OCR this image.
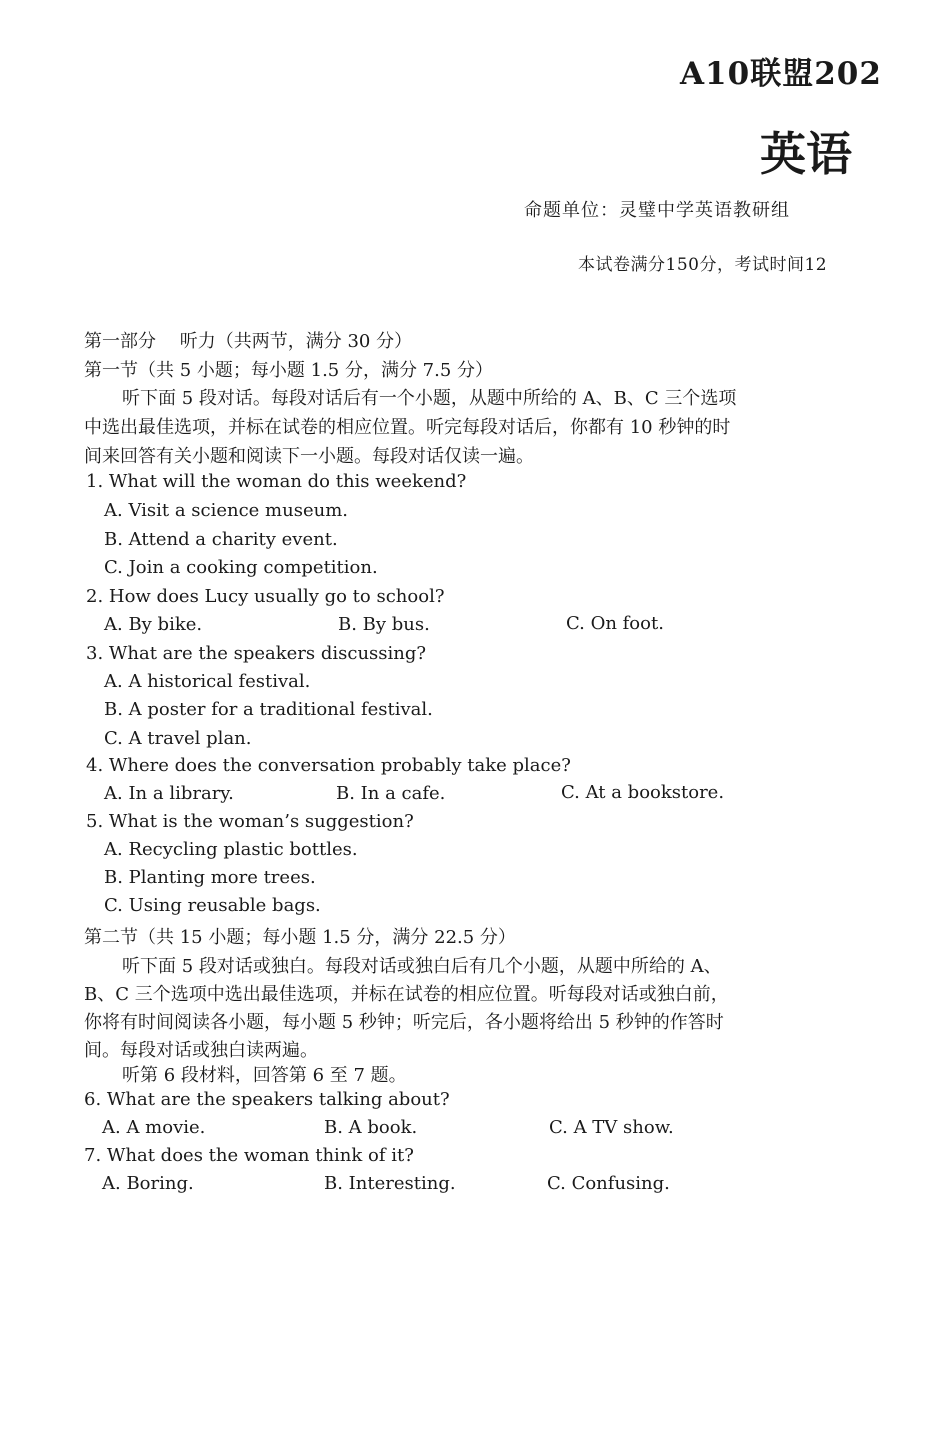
A10联盟202
英语
命题单位：灵璧中学英语教研组
本试卷满分150分，考试时间12
第一部分　 听力（共两节，满分 30 分）
第一节（共 5 小题；每小题 1.5 分，满分 7.5 分）
听下面 5 段对话。每段对话后有一个小题，从题中所给的 A、B、C 三个选项
中选出最佳选项，并标在试卷的相应位置。听完每段对话后，你都有 10 秒钟的时
间来回答有关小题和阅读下一小题。每段对话仅读一遍。
1. What will the woman do this weekend?
A. Visit a science museum.
B. Attend a charity event.
C. Join a cooking competition.
2. How does Lucy usually go to school?
A. By bike.	B. By bus.	C. On foot.
3. What are the speakers discussing?
A. A historical festival.
B. A poster for a traditional festival.
C. A travel plan.
4. Where does the conversation probably take place?
A. In a library.	B. In a cafe.	C. At a bookstore.
5. What is the woman’s suggestion?
A. Recycling plastic bottles.
B. Planting more trees.
C. Using reusable bags.
第二节（共 15 小题；每小题 1.5 分，满分 22.5 分）
听下面 5 段对话或独白。每段对话或独白后有几个小题，从题中所给的 A、
B、C 三个选项中选出最佳选项，并标在试卷的相应位置。听每段对话或独白前，
你将有时间阅读各小题，每小题 5 秒钟；听完后，各小题将给出 5 秒钟的作答时
间。每段对话或独白读两遍。
听第 6 段材料，回答第 6 至 7 题。
6. What are the speakers talking about?
A. A movie.	B. A book.	C. A TV show.
7. What does the woman think of it?
A. Boring.	B. Interesting.	C. Confusing.
